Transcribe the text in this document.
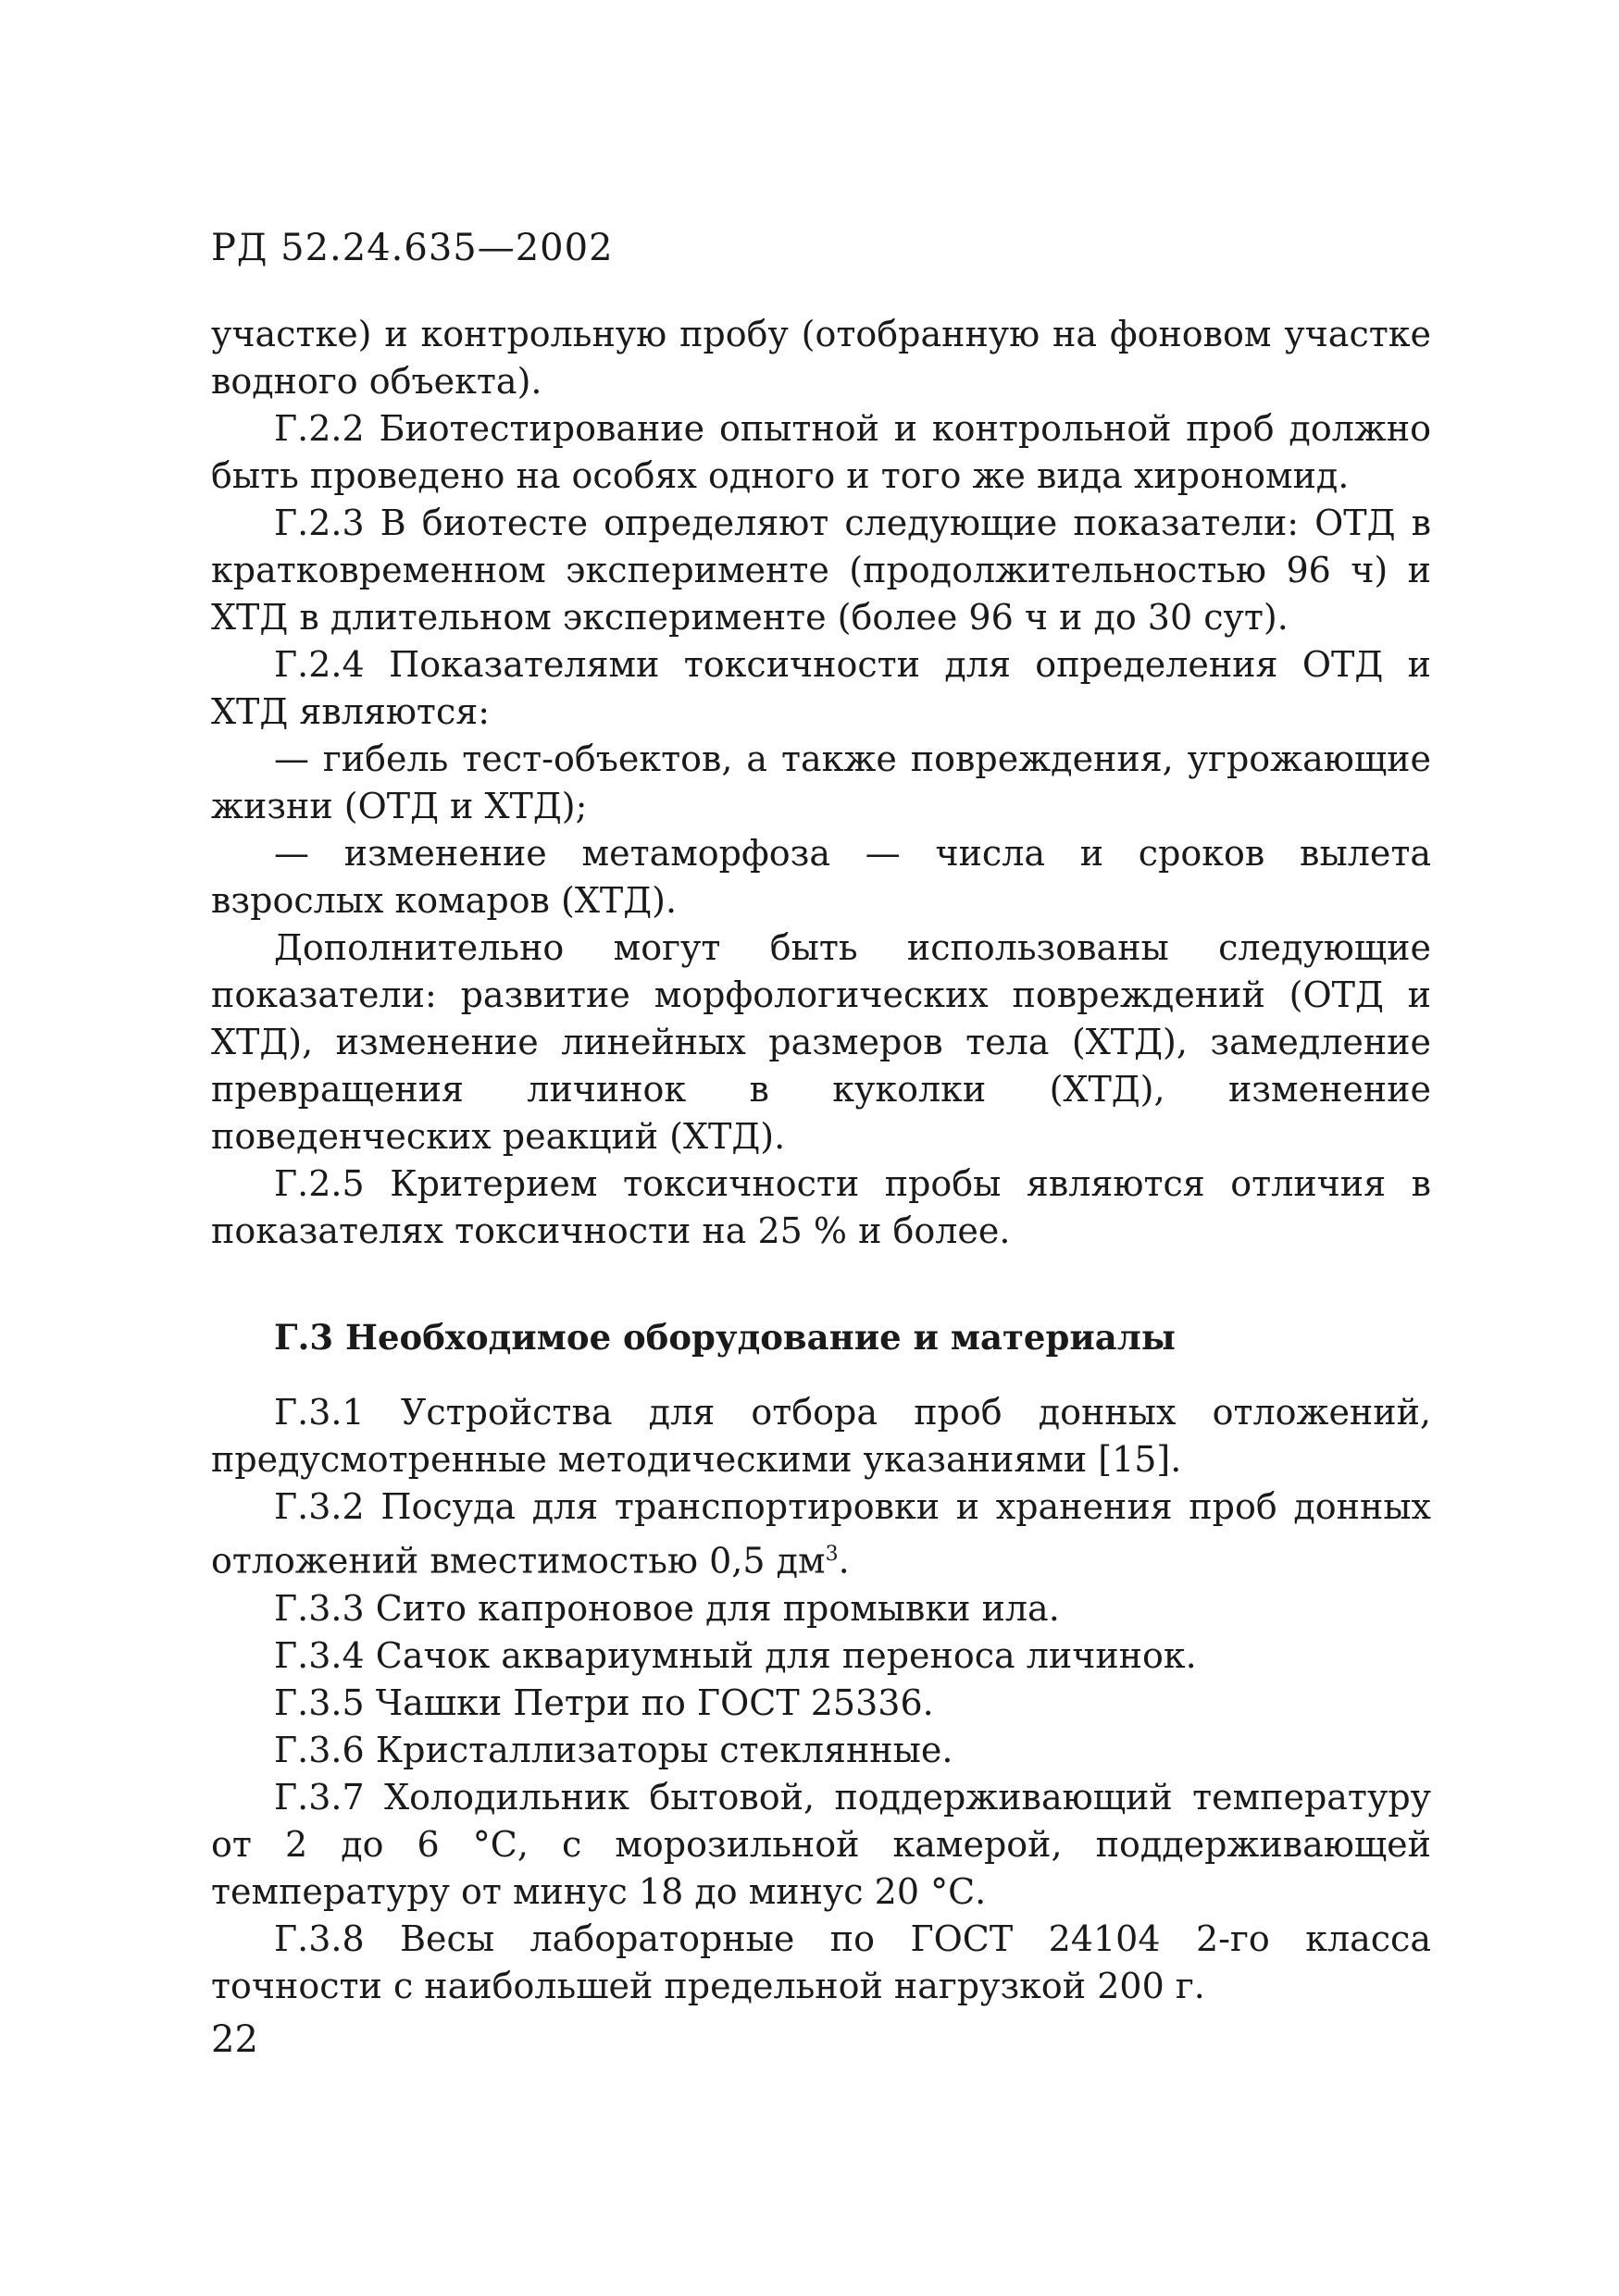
РД 52.24.635—2002

участке) и контрольную пробу (отобранную на фоновом участке водного объекта).

Г.2.2 Биотестирование опытной и контрольной проб должно быть проведено на особях одного и того же вида хирономид.

Г.2.3 В биотесте определяют следующие показатели: ОТД в кратковременном эксперименте (продолжительностью 96 ч) и ХТД в длительном эксперименте (более 96 ч и до 30 сут).

Г.2.4 Показателями токсичности для определения ОТД и ХТД являются:

— гибель тест-объектов, а также повреждения, угрожающие жизни (ОТД и ХТД);

— изменение метаморфоза — числа и сроков вылета взрослых комаров (ХТД).

Дополнительно могут быть использованы следующие показатели: развитие морфологических повреждений (ОТД и ХТД), изменение линейных размеров тела (ХТД), замедление превращения личинок в куколки (ХТД), изменение поведенческих реакций (ХТД).

Г.2.5 Критерием токсичности пробы являются отличия в показателях токсичности на 25 % и более.

Г.3 Необходимое оборудование и материалы

Г.3.1 Устройства для отбора проб донных отложений, предусмотренные методическими указаниями [15].

Г.3.2 Посуда для транспортировки и хранения проб донных отложений вместимостью 0,5 $дм^3$.

Г.3.3 Сито капроновое для промывки ила.

Г.3.4 Сачок аквариумный для переноса личинок.

Г.3.5 Чашки Петри по ГОСТ 25336.

Г.3.6 Кристаллизаторы стеклянные.

Г.3.7 Холодильник бытовой, поддерживающий температуру от 2 до 6 °С, с морозильной камерой, поддерживающей температуру от минус 18 до минус 20 °С.

Г.3.8 Весы лабораторные по ГОСТ 24104 2-го класса точности с наибольшей предельной нагрузкой 200 г.

22
